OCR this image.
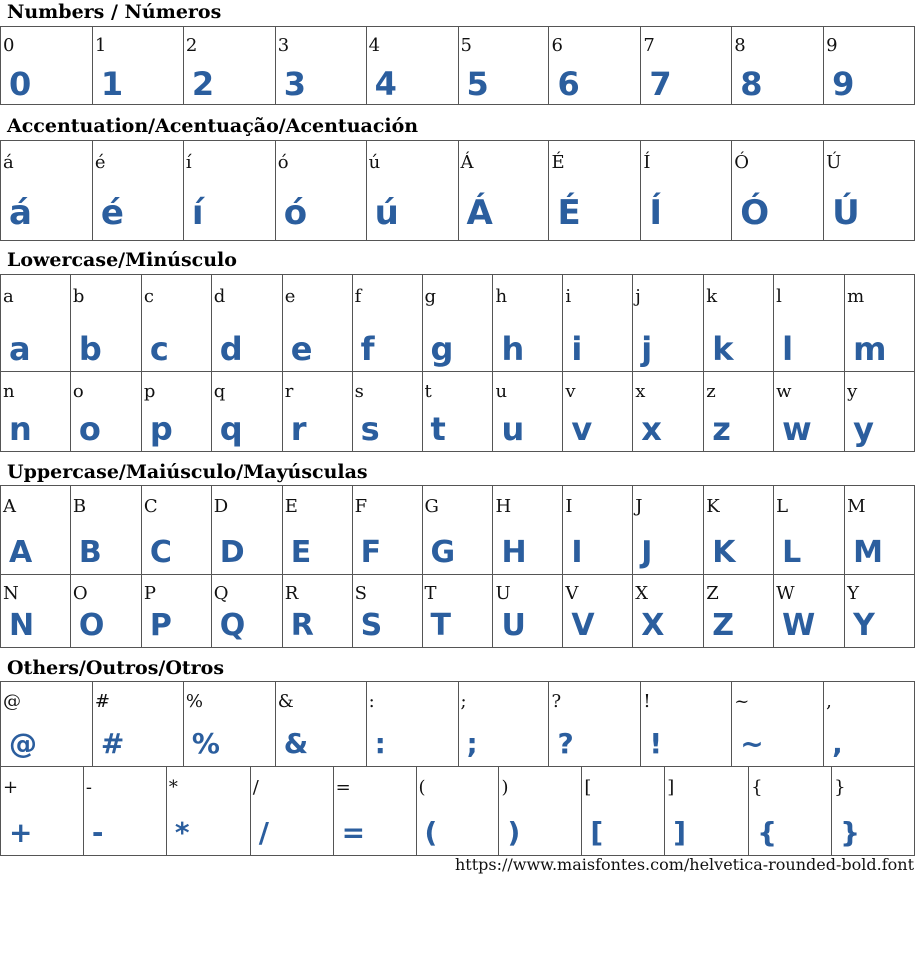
Numbers / Números
0
0
1
1
2
2
3
3
4
4
5
5
6
6
7
7
8
8
9
9
Accentuation/Acentuação/Acentuación
á
á
é
é
í
í
ó
ó
ú
ú
Á
Á
É
É
Í
Í
Ó
Ó
Ú
Ú
Lowercase/Minúsculo
a
a
b
b
c
c
d
d
e
e
f
f
g
g
h
h
i
i
j
j
k
k
l
l
m
m
n
n
o
o
p
p
q
q
r
r
s
s
t
t
u
u
v
v
x
x
z
z
w
w
y
y
Uppercase/Maiúsculo/Mayúsculas
A
A
B
B
C
C
D
D
E
E
F
F
G
G
H
H
I
I
J
J
K
K
L
L
M
M
N
N
O
O
P
P
Q
Q
R
R
S
S
T
T
U
U
V
V
X
X
Z
Z
W
W
Y
Y
Others/Outros/Otros
@
@
#
#
%
%
&
&
:
:
;
;
?
?
!
!
~
~
,
,
+
+
-
-
*
*
/
/
=
=
(
(
)
)
[
[
]
]
{
{
}
}
https://www.maisfontes.com/helvetica-rounded-bold.font
